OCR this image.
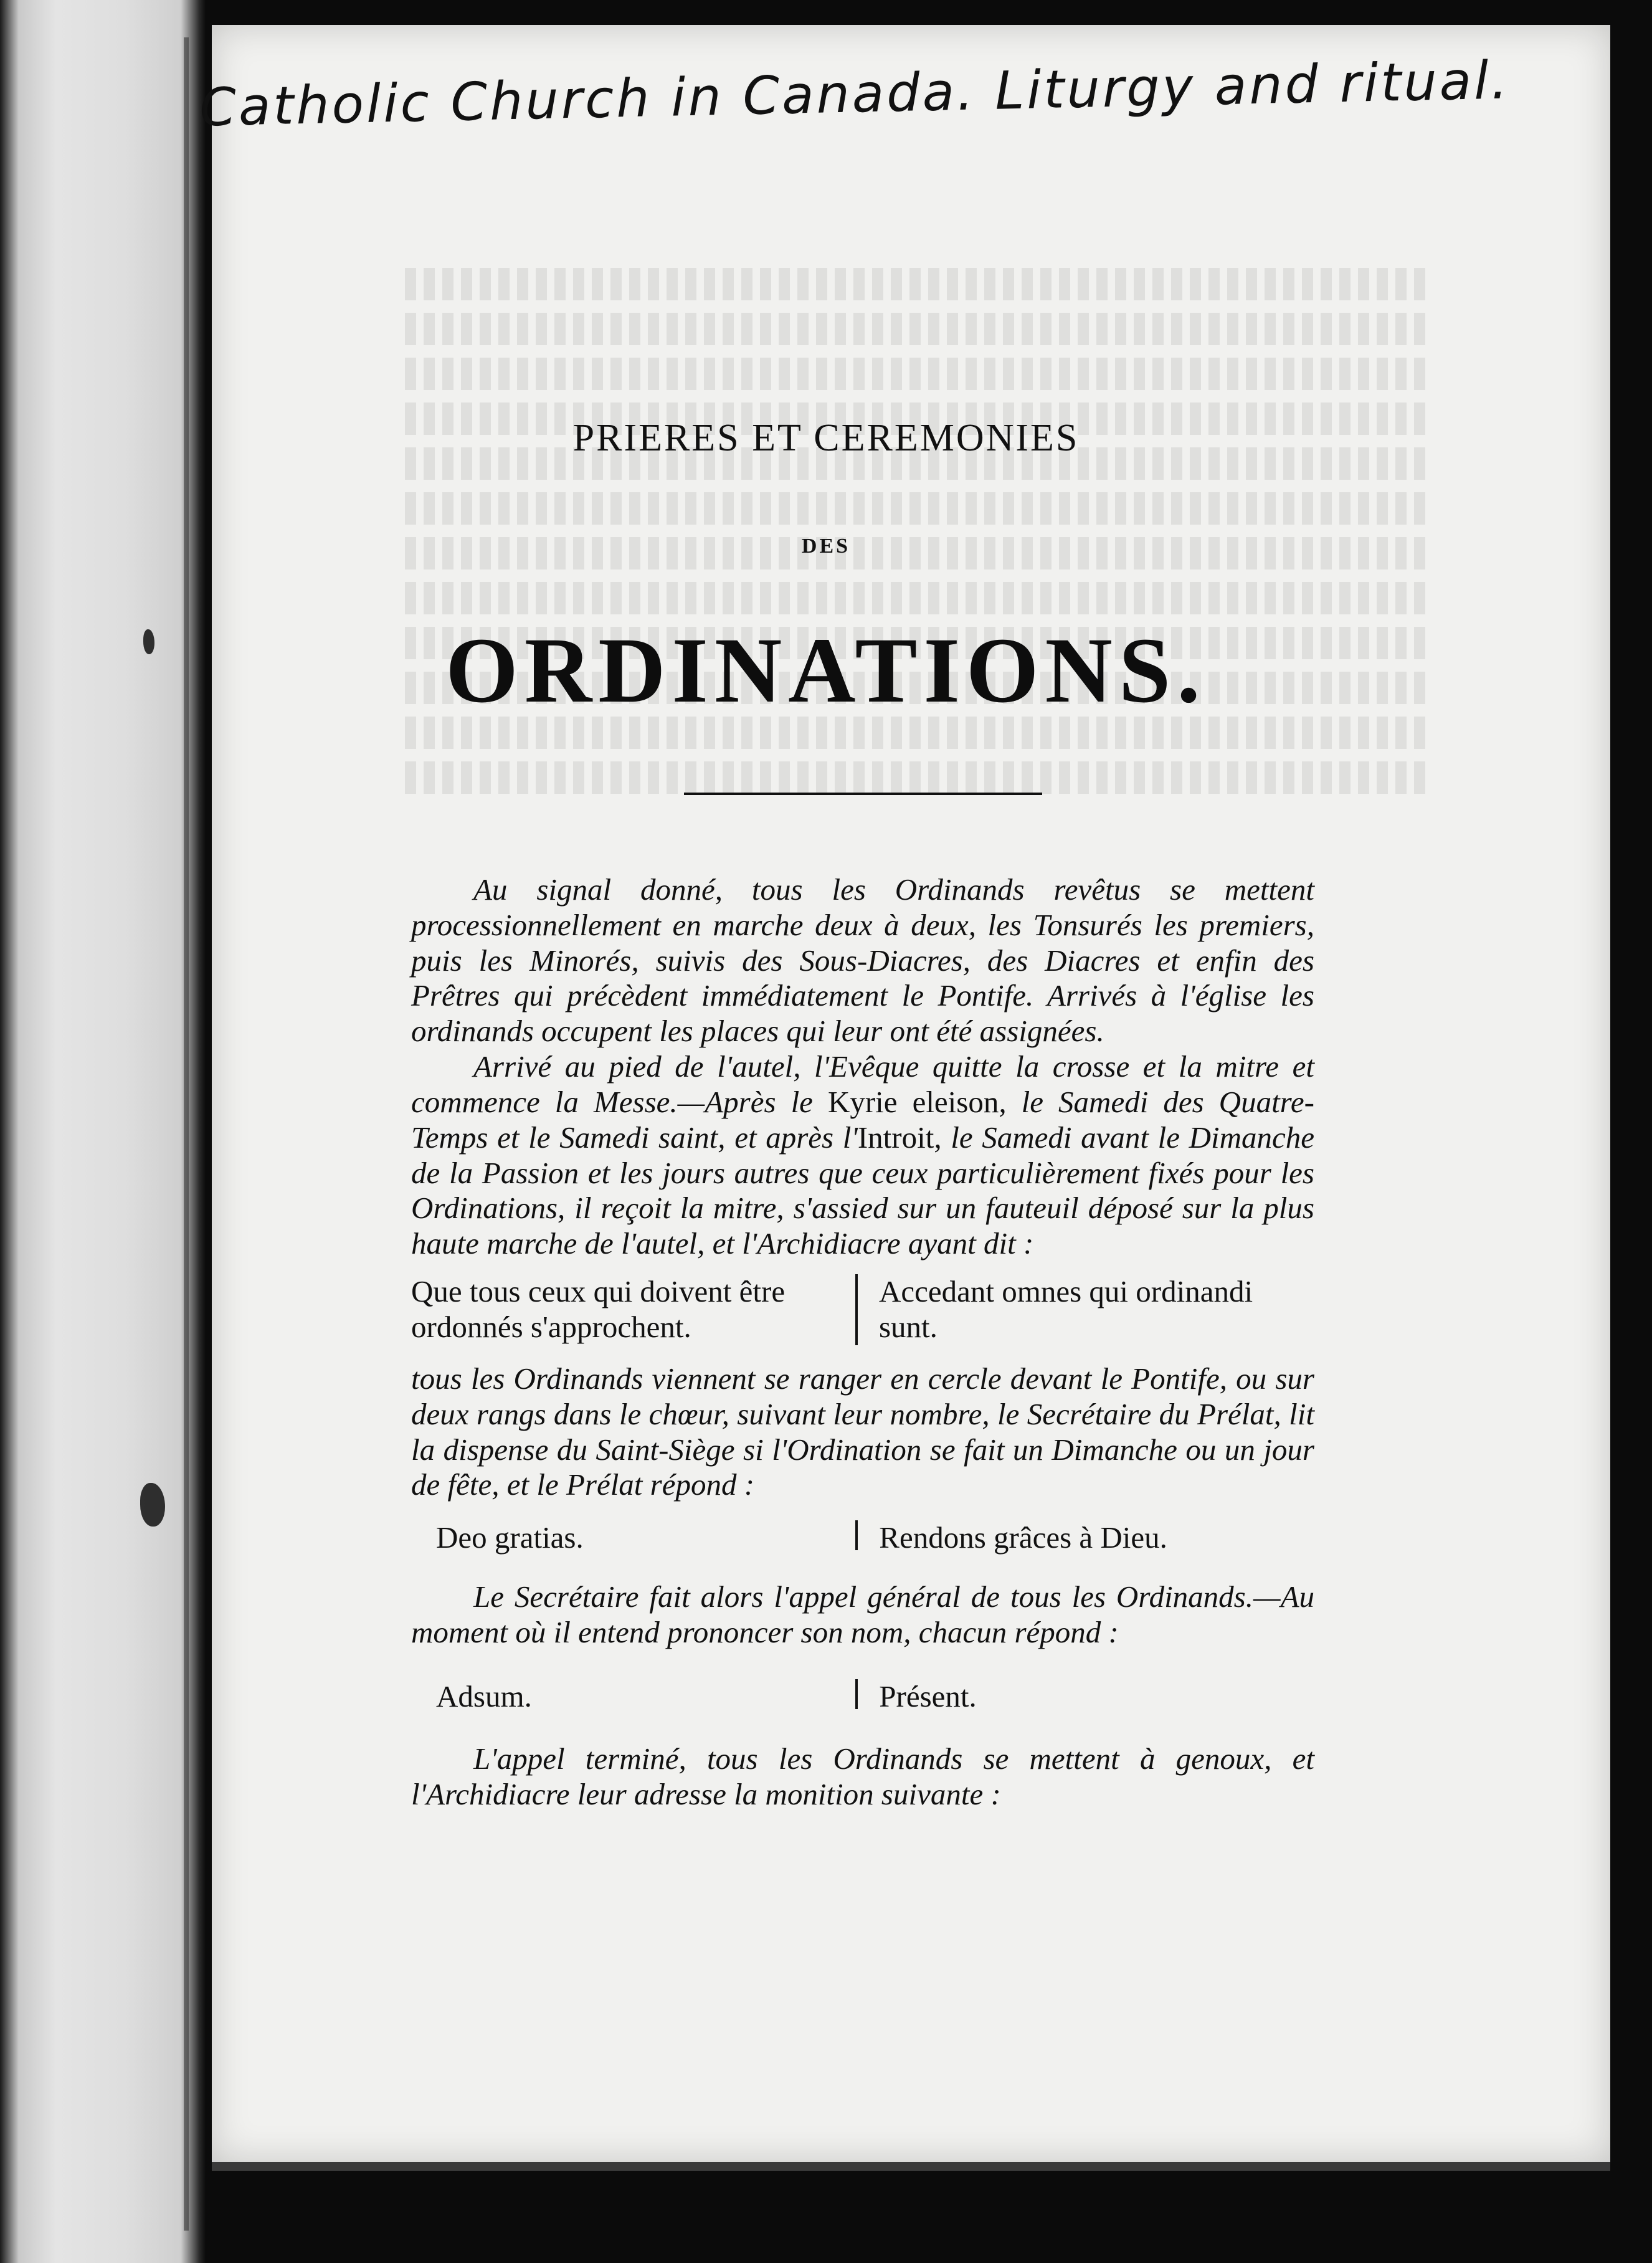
Catholic Church in Canada. Liturgy and ritual.
PRIERES ET CEREMONIES
DES
ORDINATIONS.

Au signal donné, tous les Ordinands revêtus se mettent processionnellement en marche deux à deux, les Tonsurés les premiers, puis les Minorés, suivis des Sous-Diacres, des Diacres et enfin des Prêtres qui précèdent immédiatement le Pontife. Arrivés à l'église les ordinands occupent les places qui leur ont été assignées.

Arrivé au pied de l'autel, l'Evêque quitte la crosse et la mitre et commence la Messe.—Après le Kyrie eleison, le Samedi des Quatre-Temps et le Samedi saint, et après l'Introit, le Samedi avant le Dimanche de la Passion et les jours autres que ceux particulièrement fixés pour les Ordinations, il reçoit la mitre, s'assied sur un fauteuil déposé sur la plus haute marche de l'autel, et l'Archidiacre ayant dit :

Que tous ceux qui doivent être ordonnés s'approchent.
Accedant omnes qui ordinandi sunt.

tous les Ordinands viennent se ranger en cercle devant le Pontife, ou sur deux rangs dans le chœur, suivant leur nombre, le Secrétaire du Prélat, lit la dispense du Saint-Siège si l'Ordination se fait un Dimanche ou un jour de fête, et le Prélat répond :

Deo gratias.	Rendons grâces à Dieu.

Le Secrétaire fait alors l'appel général de tous les Ordinands.—Au moment où il entend prononcer son nom, chacun répond :

Adsum.	Présent.

L'appel terminé, tous les Ordinands se mettent à genoux, et l'Archidiacre leur adresse la monition suivante :
